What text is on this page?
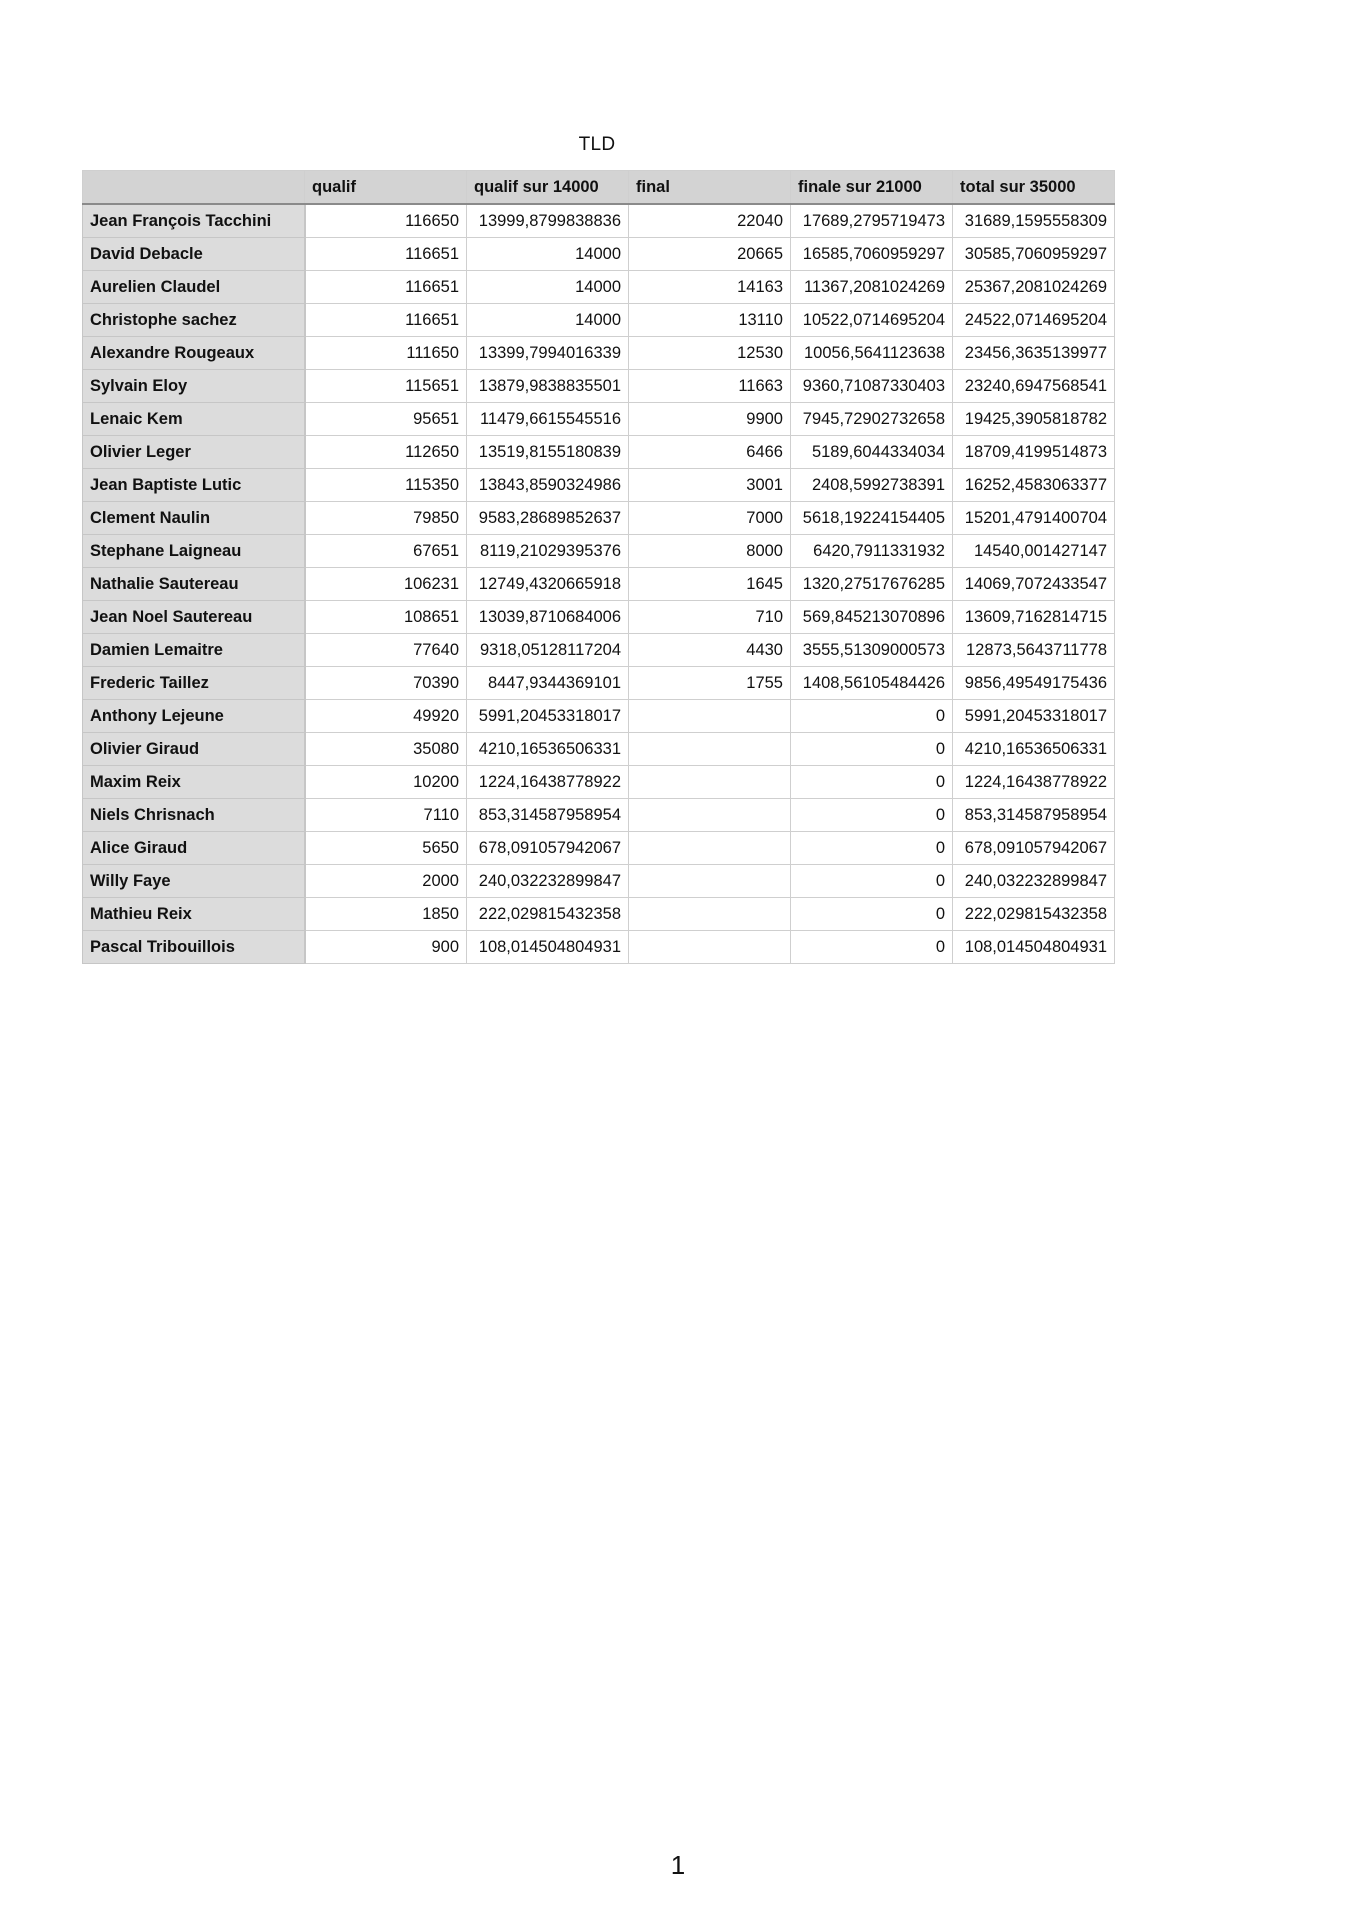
TLD
	qualif	qualif sur 14000	final	finale sur 21000	total sur 35000
Jean François Tacchini	116650	13999,8799838836	22040	17689,2795719473	31689,1595558309
David Debacle	116651	14000	20665	16585,7060959297	30585,7060959297
Aurelien Claudel	116651	14000	14163	11367,2081024269	25367,2081024269
Christophe sachez	116651	14000	13110	10522,0714695204	24522,0714695204
Alexandre Rougeaux	111650	13399,7994016339	12530	10056,5641123638	23456,3635139977
Sylvain Eloy	115651	13879,9838835501	11663	9360,71087330403	23240,6947568541
Lenaic Kem	95651	11479,6615545516	9900	7945,72902732658	19425,3905818782
Olivier Leger	112650	13519,8155180839	6466	5189,6044334034	18709,4199514873
Jean Baptiste Lutic	115350	13843,8590324986	3001	2408,5992738391	16252,4583063377
Clement Naulin	79850	9583,28689852637	7000	5618,19224154405	15201,4791400704
Stephane Laigneau	67651	8119,21029395376	8000	6420,7911331932	14540,001427147
Nathalie Sautereau	106231	12749,4320665918	1645	1320,27517676285	14069,7072433547
Jean Noel Sautereau	108651	13039,8710684006	710	569,845213070896	13609,7162814715
Damien Lemaitre	77640	9318,05128117204	4430	3555,51309000573	12873,5643711778
Frederic Taillez	70390	8447,9344369101	1755	1408,56105484426	9856,49549175436
Anthony Lejeune	49920	5991,20453318017		0	5991,20453318017
Olivier Giraud	35080	4210,16536506331		0	4210,16536506331
Maxim Reix	10200	1224,16438778922		0	1224,16438778922
Niels Chrisnach	7110	853,314587958954		0	853,314587958954
Alice Giraud	5650	678,091057942067		0	678,091057942067
Willy Faye	2000	240,032232899847		0	240,032232899847
Mathieu Reix	1850	222,029815432358		0	222,029815432358
Pascal Tribouillois	900	108,014504804931		0	108,014504804931
1
